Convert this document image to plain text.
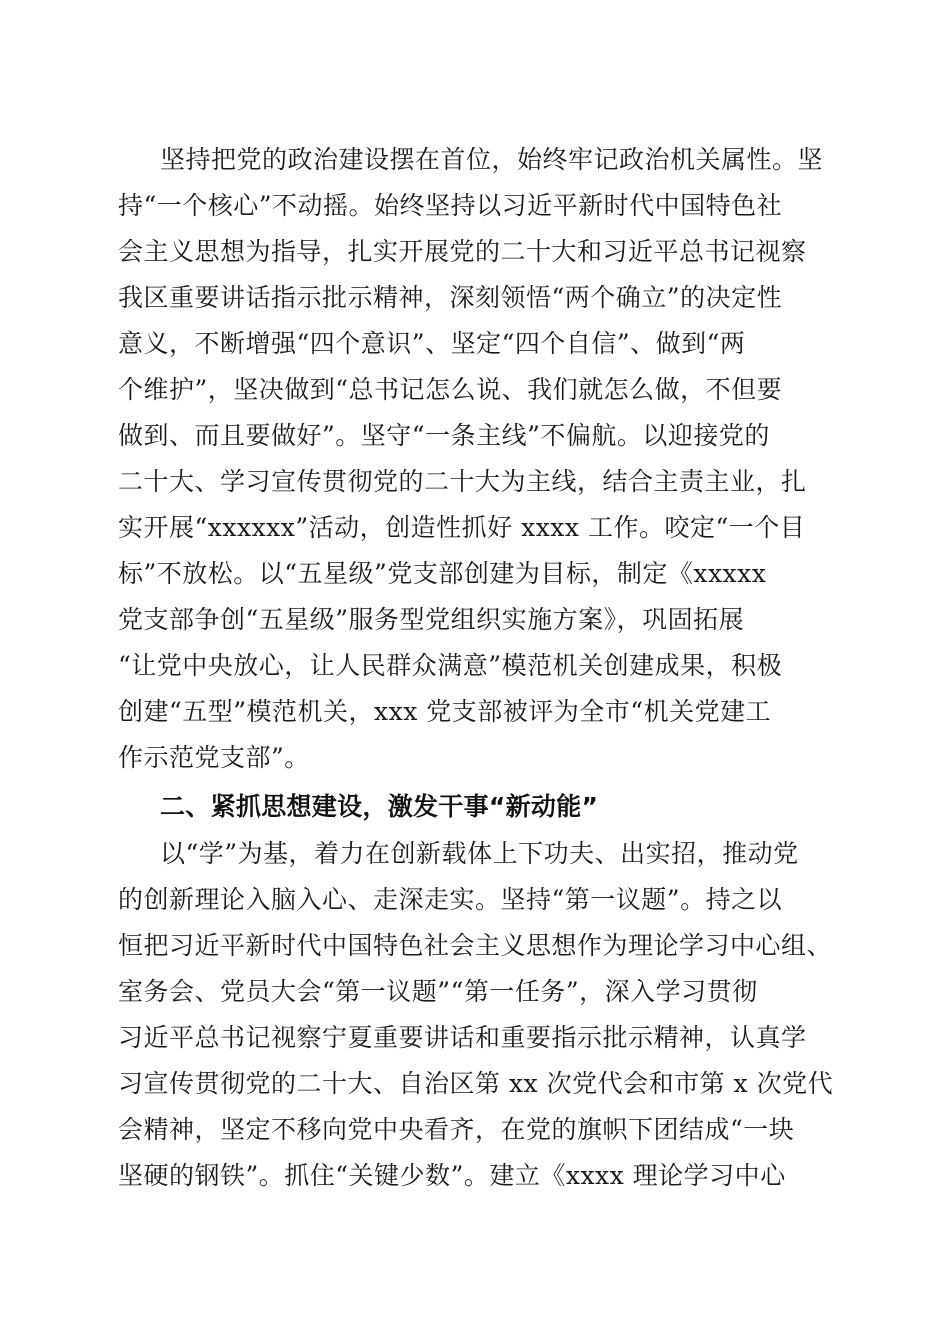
坚持把党的政治建设摆在首位，始终牢记政治机关属性。坚
持“一个核心”不动摇。始终坚持以习近平新时代中国特色社
会主义思想为指导，扎实开展党的二十大和习近平总书记视察
我区重要讲话指示批示精神，深刻领悟“两个确立”的决定性
意义，不断增强“四个意识”、坚定“四个自信”、做到“两
个维护”，坚决做到“总书记怎么说、我们就怎么做，不但要
做到、而且要做好”。坚守“一条主线”不偏航。以迎接党的
二十大、学习宣传贯彻党的二十大为主线，结合主责主业，扎
实开展“xxxxxx”活动，创造性抓好 xxxx 工作。咬定“一个目
标”不放松。以“五星级”党支部创建为目标，制定《xxxxx
党支部争创“五星级”服务型党组织实施方案》，巩固拓展
“让党中央放心，让人民群众满意”模范机关创建成果，积极
创建“五型”模范机关，xxx 党支部被评为全市“机关党建工
作示范党支部”。
二、紧抓思想建设，激发干事“新动能”
以“学”为基，着力在创新载体上下功夫、出实招，推动党
的创新理论入脑入心、走深走实。坚持“第一议题”。持之以
恒把习近平新时代中国特色社会主义思想作为理论学习中心组、
室务会、党员大会“第一议题”“第一任务”，深入学习贯彻
习近平总书记视察宁夏重要讲话和重要指示批示精神，认真学
习宣传贯彻党的二十大、自治区第 xx 次党代会和市第 x 次党代
会精神，坚定不移向党中央看齐，在党的旗帜下团结成“一块
坚硬的钢铁”。抓住“关键少数”。建立《xxxx 理论学习中心
